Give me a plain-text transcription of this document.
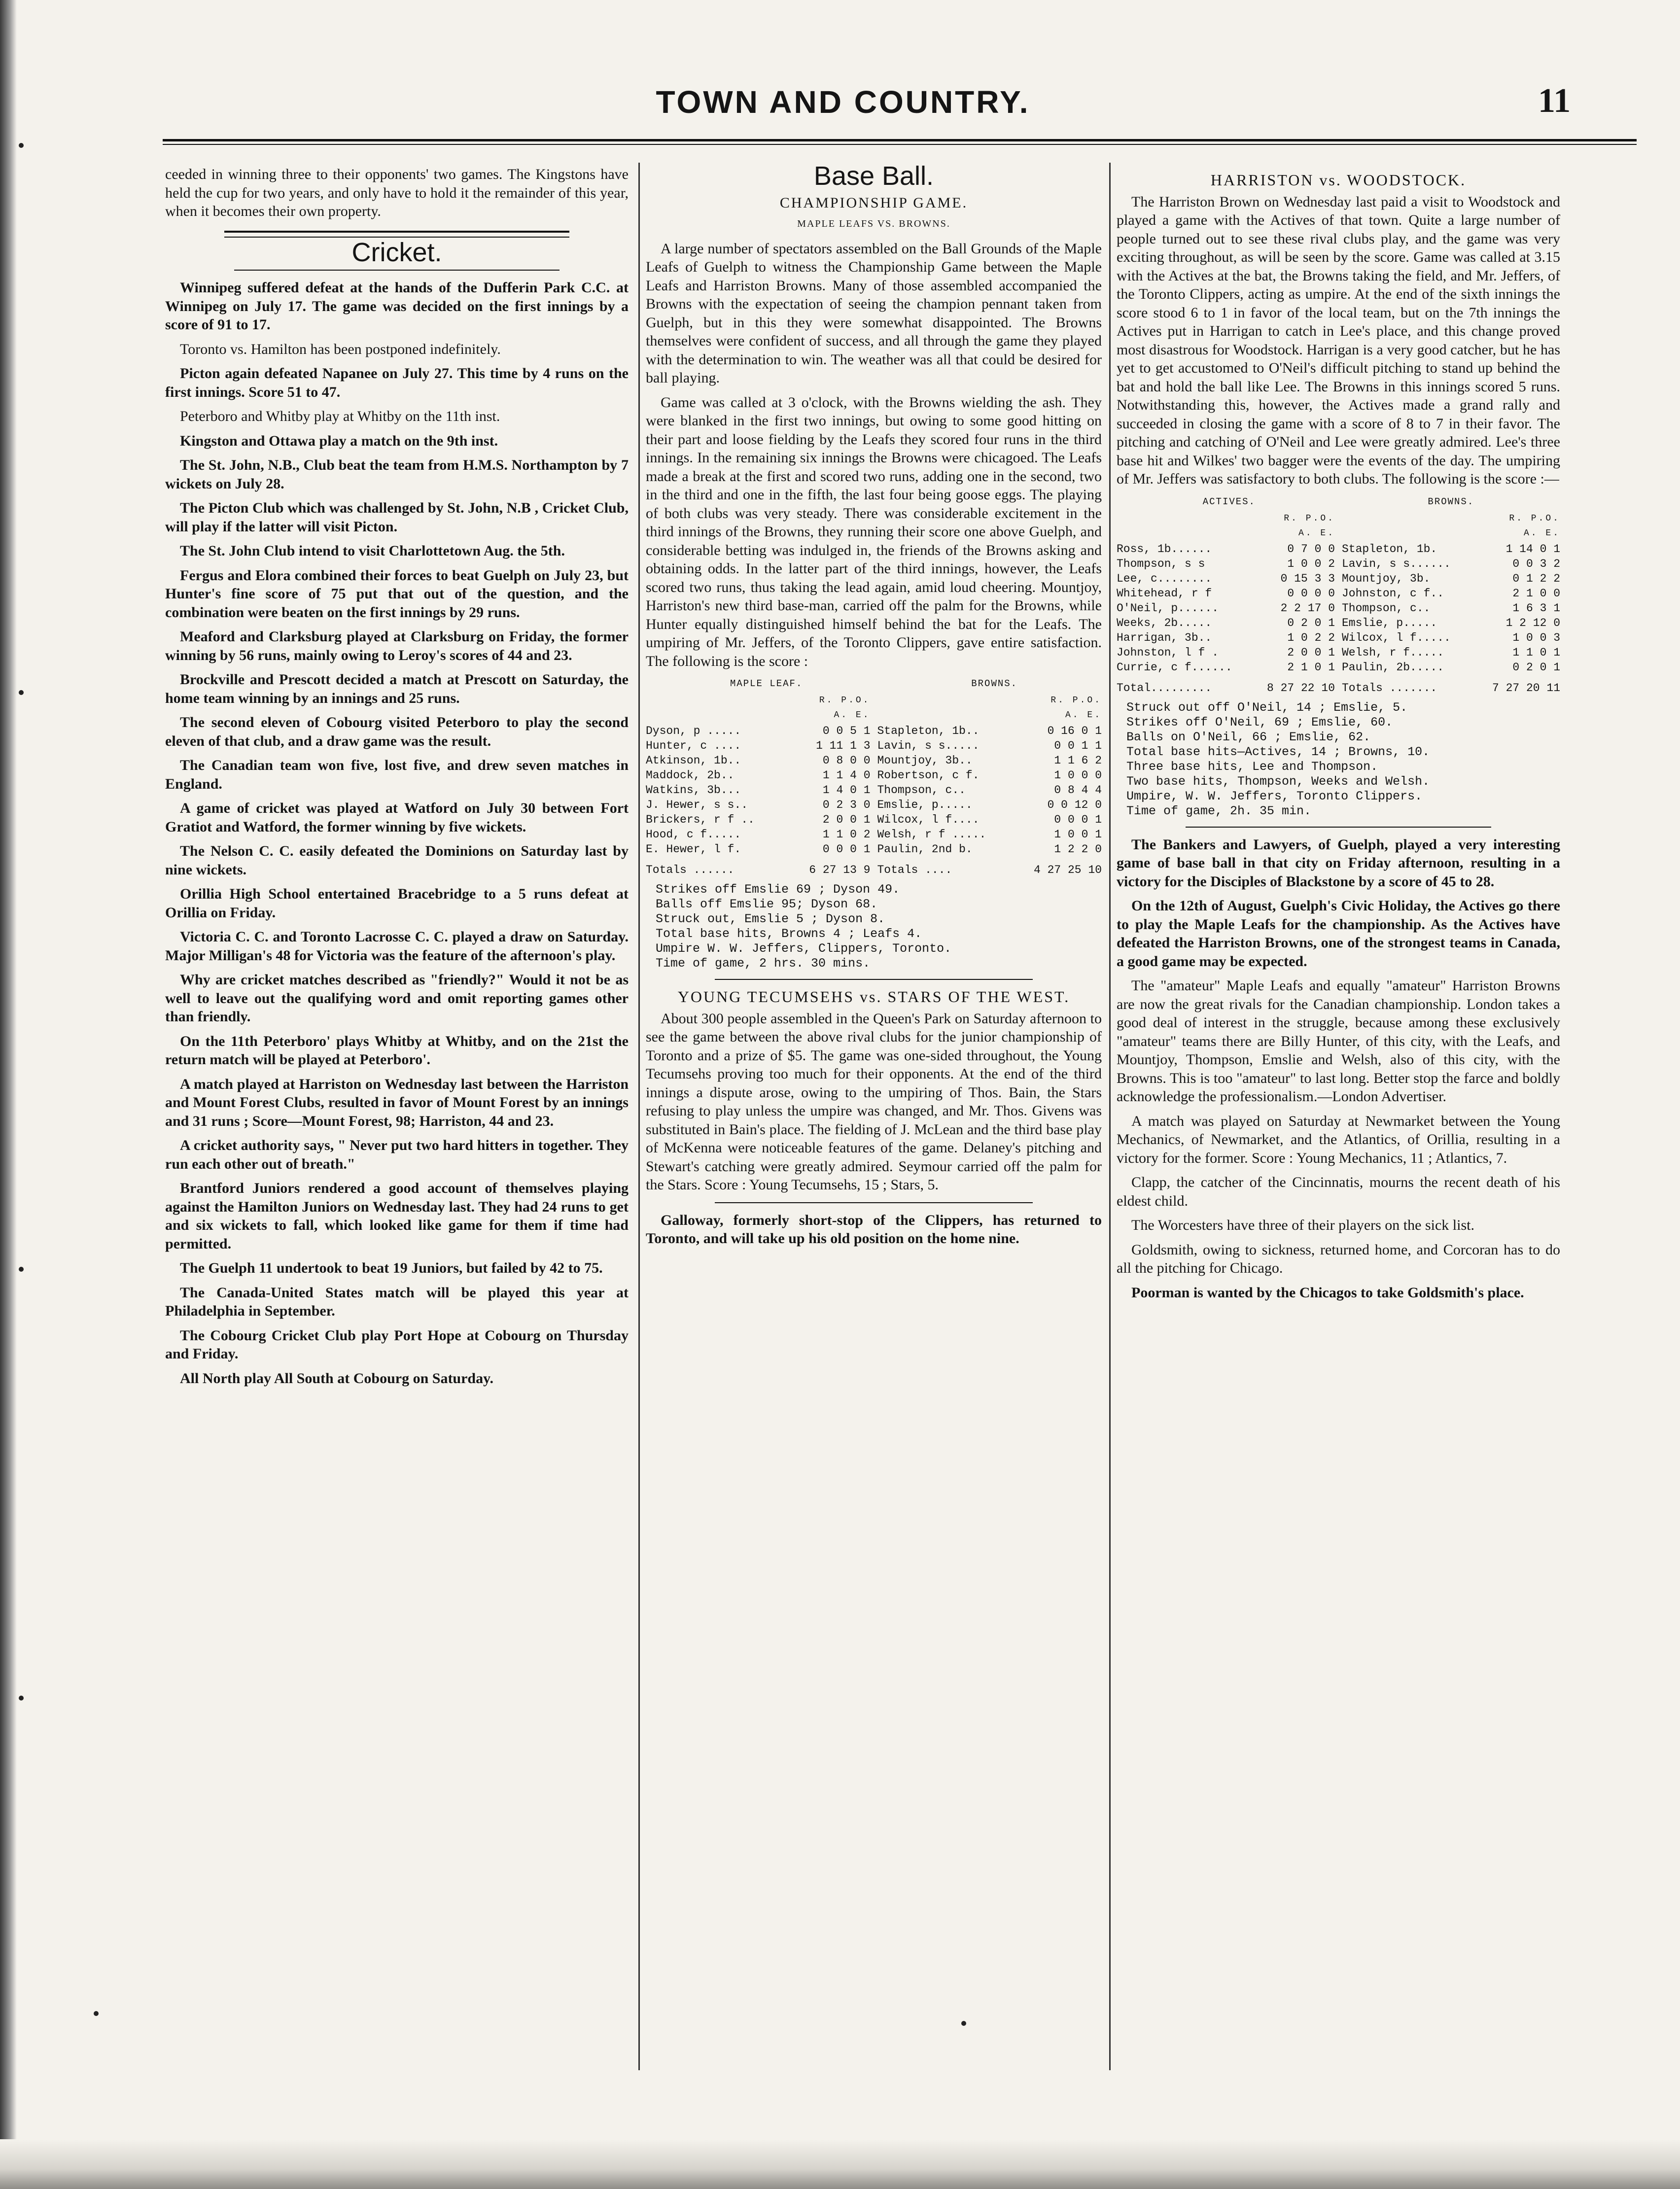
TOWN AND COUNTRY.	11

ceeded in winning three to their opponents' two games. The Kingstons have held the cup for two years, and only have to hold it the remainder of this year, when it becomes their own property.

Cricket.

Winnipeg suffered defeat at the hands of the Dufferin Park C.C. at Winnipeg on July 17. The game was decided on the first innings by a score of 91 to 17.

Toronto vs. Hamilton has been postponed indefinitely.

Picton again defeated Napanee on July 27. This time by 4 runs on the first innings. Score 51 to 47.

Peterboro and Whitby play at Whitby on the 11th inst.

Kingston and Ottawa play a match on the 9th inst.

The St. John, N.B., Club beat the team from H.M.S. Northampton by 7 wickets on July 28.

The Picton Club which was challenged by St. John, N.B , Cricket Club, will play if the latter will visit Picton.

The St. John Club intend to visit Charlottetown Aug. the 5th.

Fergus and Elora combined their forces to beat Guelph on July 23, but Hunter's fine score of 75 put that out of the question, and the combination were beaten on the first innings by 29 runs.

Meaford and Clarksburg played at Clarksburg on Friday, the former winning by 56 runs, mainly owing to Leroy's scores of 44 and 23.

Brockville and Prescott decided a match at Prescott on Saturday, the home team winning by an innings and 25 runs.

The second eleven of Cobourg visited Peterboro to play the second eleven of that club, and a draw game was the result.

The Canadian team won five, lost five, and drew seven matches in England.

A game of cricket was played at Watford on July 30 between Fort Gratiot and Watford, the former winning by five wickets.

The Nelson C. C. easily defeated the Dominions on Saturday last by nine wickets.

Orillia High School entertained Bracebridge to a 5 runs defeat at Orillia on Friday.

Victoria C. C. and Toronto Lacrosse C. C. played a draw on Saturday. Major Milligan's 48 for Victoria was the feature of the afternoon's play.

Why are cricket matches described as "friendly?" Would it not be as well to leave out the qualifying word and omit reporting games other than friendly.

On the 11th Peterboro' plays Whitby at Whitby, and on the 21st the return match will be played at Peterboro'.

A match played at Harriston on Wednesday last between the Harriston and Mount Forest Clubs, resulted in favor of Mount Forest by an innings and 31 runs ; Score—Mount Forest, 98; Harriston, 44 and 23.

A cricket authority says, " Never put two hard hitters in together. They run each other out of breath."

Brantford Juniors rendered a good account of themselves playing against the Hamilton Juniors on Wednesday last. They had 24 runs to get and six wickets to fall, which looked like game for them if time had permitted.

The Guelph 11 undertook to beat 19 Juniors, but failed by 42 to 75.

The Canada-United States match will be played this year at Philadelphia in September.

The Cobourg Cricket Club play Port Hope at Cobourg on Thursday and Friday.

All North play All South at Cobourg on Saturday.

Base Ball.
CHAMPIONSHIP GAME.
MAPLE LEAFS VS. BROWNS.

A large number of spectators assembled on the Ball Grounds of the Maple Leafs of Guelph to witness the Championship Game between the Maple Leafs and Harriston Browns. Many of those assembled accompanied the Browns with the expectation of seeing the champion pennant taken from Guelph, but in this they were somewhat disappointed. The Browns themselves were confident of success, and all through the game they played with the determination to win. The weather was all that could be desired for ball playing.

Game was called at 3 o'clock, with the Browns wielding the ash. They were blanked in the first two innings, but owing to some good hitting on their part and loose fielding by the Leafs they scored four runs in the third innings. In the remaining six innings the Browns were chicagoed. The Leafs made a break at the first and scored two runs, adding one in the second, two in the third and one in the fifth, the last four being goose eggs. The playing of both clubs was very steady. There was considerable excitement in the third innings of the Browns, they running their score one above Guelph, and considerable betting was indulged in, the friends of the Browns asking and obtaining odds. In the latter part of the third innings, however, the Leafs scored two runs, thus taking the lead again, amid loud cheering. Mountjoy, Harriston's new third base-man, carried off the palm for the Browns, while Hunter equally distinguished himself behind the bat for the Leafs. The umpiring of Mr. Jeffers, of the Toronto Clippers, gave entire satisfaction. The following is the score :

MAPLE LEAF.	BROWNS.
R. P.O. A. E.
Dyson, p .....	0 0 5 1
Hunter, c ....	1 11 1 3
Atkinson, 1b..	0 8 0 0
Maddock, 2b..	1 1 4 0
Watkins, 3b...	1 4 0 1
J. Hewer, s s..	0 2 3 0
Brickers, r f ..	2 0 0 1
Hood, c f.....	1 1 0 2
E. Hewer, l f.	0 0 0 1
Totals ......	6 27 13 9
R. P.O. A. E.
Stapleton, 1b..	0 16 0 1
Lavin, s s.....	0 0 1 1
Mountjoy, 3b..	1 1 6 2
Robertson, c f.	1 0 0 0
Thompson, c..	0 8 4 4
Emslie, p.....	0 0 12 0
Wilcox, l f....	0 0 0 1
Welsh, r f .....	1 0 0 1
Paulin, 2nd b.	1 2 2 0
Totals ....	4 27 25 10
Strikes off Emslie 69 ; Dyson 49.
Balls off Emslie 95; Dyson 68.
Struck out, Emslie 5 ; Dyson 8.
Total base hits, Browns 4 ; Leafs 4.
Umpire W. W. Jeffers, Clippers, Toronto.
Time of game, 2 hrs. 30 mins.
YOUNG TECUMSEHS vs. STARS OF THE WEST.

About 300 people assembled in the Queen's Park on Saturday afternoon to see the game between the above rival clubs for the junior championship of Toronto and a prize of $5. The game was one-sided throughout, the Young Tecumsehs proving too much for their opponents. At the end of the third innings a dispute arose, owing to the umpiring of Thos. Bain, the Stars refusing to play unless the umpire was changed, and Mr. Thos. Givens was substituted in Bain's place. The fielding of J. McLean and the third base play of McKenna were noticeable features of the game. Delaney's pitching and Stewart's catching were greatly admired. Seymour carried off the palm for the Stars. Score : Young Tecumsehs, 15 ; Stars, 5.

Galloway, formerly short-stop of the Clippers, has returned to Toronto, and will take up his old position on the home nine.

HARRISTON vs. WOODSTOCK.

The Harriston Brown on Wednesday last paid a visit to Woodstock and played a game with the Actives of that town. Quite a large number of people turned out to see these rival clubs play, and the game was very exciting throughout, as will be seen by the score. Game was called at 3.15 with the Actives at the bat, the Browns taking the field, and Mr. Jeffers, of the Toronto Clippers, acting as umpire. At the end of the sixth innings the score stood 6 to 1 in favor of the local team, but on the 7th innings the Actives put in Harrigan to catch in Lee's place, and this change proved most disastrous for Woodstock. Harrigan is a very good catcher, but he has yet to get accustomed to O'Neil's difficult pitching to stand up behind the bat and hold the ball like Lee. The Browns in this innings scored 5 runs. Notwithstanding this, however, the Actives made a grand rally and succeeded in closing the game with a score of 8 to 7 in their favor. The pitching and catching of O'Neil and Lee were greatly admired. Lee's three base hit and Wilkes' two bagger were the events of the day. The umpiring of Mr. Jeffers was satisfactory to both clubs. The following is the score :—

ACTIVES.	BROWNS.
R. P.O. A. E.
Ross, 1b......	0 7 0 0
Thompson, s s	1 0 0 2
Lee, c........	0 15 3 3
Whitehead, r f	0 0 0 0
O'Neil, p......	2 2 17 0
Weeks, 2b.....	0 2 0 1
Harrigan, 3b..	1 0 2 2
Johnston, l f .	2 0 0 1
Currie, c f......	2 1 0 1
Total.........	8 27 22 10
R. P.O. A. E.
Stapleton, 1b.	1 14 0 1
Lavin, s s......	0 0 3 2
Mountjoy, 3b.	0 1 2 2
Johnston, c f..	2 1 0 0
Thompson, c..	1 6 3 1
Emslie, p.....	1 2 12 0
Wilcox, l f.....	1 0 0 3
Welsh, r f.....	1 1 0 1
Paulin, 2b.....	0 2 0 1
Totals .......	7 27 20 11
Struck out off O'Neil, 14 ; Emslie, 5.
Strikes off O'Neil, 69 ; Emslie, 60.
Balls on O'Neil, 66 ; Emslie, 62.
Total base hits—Actives, 14 ; Browns, 10.
Three base hits, Lee and Thompson.
Two base hits, Thompson, Weeks and Welsh.
Umpire, W. W. Jeffers, Toronto Clippers.
Time of game, 2h. 35 min.

The Bankers and Lawyers, of Guelph, played a very interesting game of base ball in that city on Friday afternoon, resulting in a victory for the Disciples of Blackstone by a score of 45 to 28.

On the 12th of August, Guelph's Civic Holiday, the Actives go there to play the Maple Leafs for the championship. As the Actives have defeated the Harriston Browns, one of the strongest teams in Canada, a good game may be expected.

The "amateur" Maple Leafs and equally "amateur" Harriston Browns are now the great rivals for the Canadian championship. London takes a good deal of interest in the struggle, because among these exclusively "amateur" teams there are Billy Hunter, of this city, with the Leafs, and Mountjoy, Thompson, Emslie and Welsh, also of this city, with the Browns. This is too "amateur" to last long. Better stop the farce and boldly acknowledge the professionalism.—London Advertiser.

A match was played on Saturday at Newmarket between the Young Mechanics, of Newmarket, and the Atlantics, of Orillia, resulting in a victory for the former. Score : Young Mechanics, 11 ; Atlantics, 7.

Clapp, the catcher of the Cincinnatis, mourns the recent death of his eldest child.

The Worcesters have three of their players on the sick list.

Goldsmith, owing to sickness, returned home, and Corcoran has to do all the pitching for Chicago.

Poorman is wanted by the Chicagos to take Goldsmith's place.
